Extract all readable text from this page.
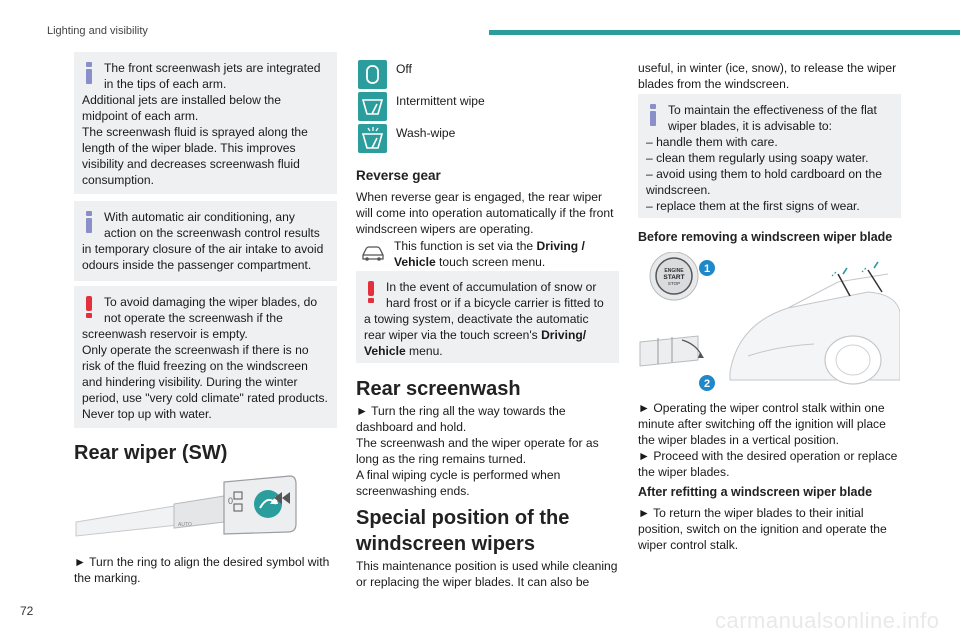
Lighting and visibility
The front screenwash jets are integrated
in the tips of each arm.
Additional jets are installed below the
midpoint of each arm.
The screenwash fluid is sprayed along the
length of the wiper blade. This improves
visibility and decreases screenwash fluid
consumption.
With automatic air conditioning, any
action on the screenwash control results
in temporary closure of the air intake to avoid
odours inside the passenger compartment.
To avoid damaging the wiper blades, do
not operate the screenwash if the
screenwash reservoir is empty.
Only operate the screenwash if there is no
risk of the fluid freezing on the windscreen
and hindering visibility. During the winter
period, use "very cold climate" rated products.
Never top up with water.
Rear wiper (SW)
0
AUTO
► Turn the ring to align the desired symbol with
the marking.
Off
Intermittent wipe
Wash-wipe
Reverse gear
When reverse gear is engaged, the rear wiper
will come into operation automatically if the front
windscreen wipers are operating.
This function is set via the Driving /
Vehicle touch screen menu.
In the event of accumulation of snow or
hard frost or if a bicycle carrier is fitted to
a towing system, deactivate the automatic
rear wiper via the touch screen's Driving/
Vehicle menu.
Rear screenwash
► Turn the ring all the way towards the
dashboard and hold.
The screenwash and the wiper operate for as
long as the ring remains turned.
A final wiping cycle is performed when
screenwashing ends.
Special position of the
windscreen wipers
This maintenance position is used while cleaning
or replacing the wiper blades. It can also be
useful, in winter (ice, snow), to release the wiper
blades from the windscreen.
To maintain the effectiveness of the flat
wiper blades, it is advisable to:
– handle them with care.
– clean them regularly using soapy water.
– avoid using them to hold cardboard on the
windscreen.
– replace them at the first signs of wear.
Before removing a windscreen wiper blade
ENGINE
START
STOP
1
2
► Operating the wiper control stalk within one
minute after switching off the ignition will place
the wiper blades in a vertical position.
► Proceed with the desired operation or replace
the wiper blades.
After refitting a windscreen wiper blade
► To return the wiper blades to their initial
position, switch on the ignition and operate the
wiper control stalk.
72	carmanualsonline.info
